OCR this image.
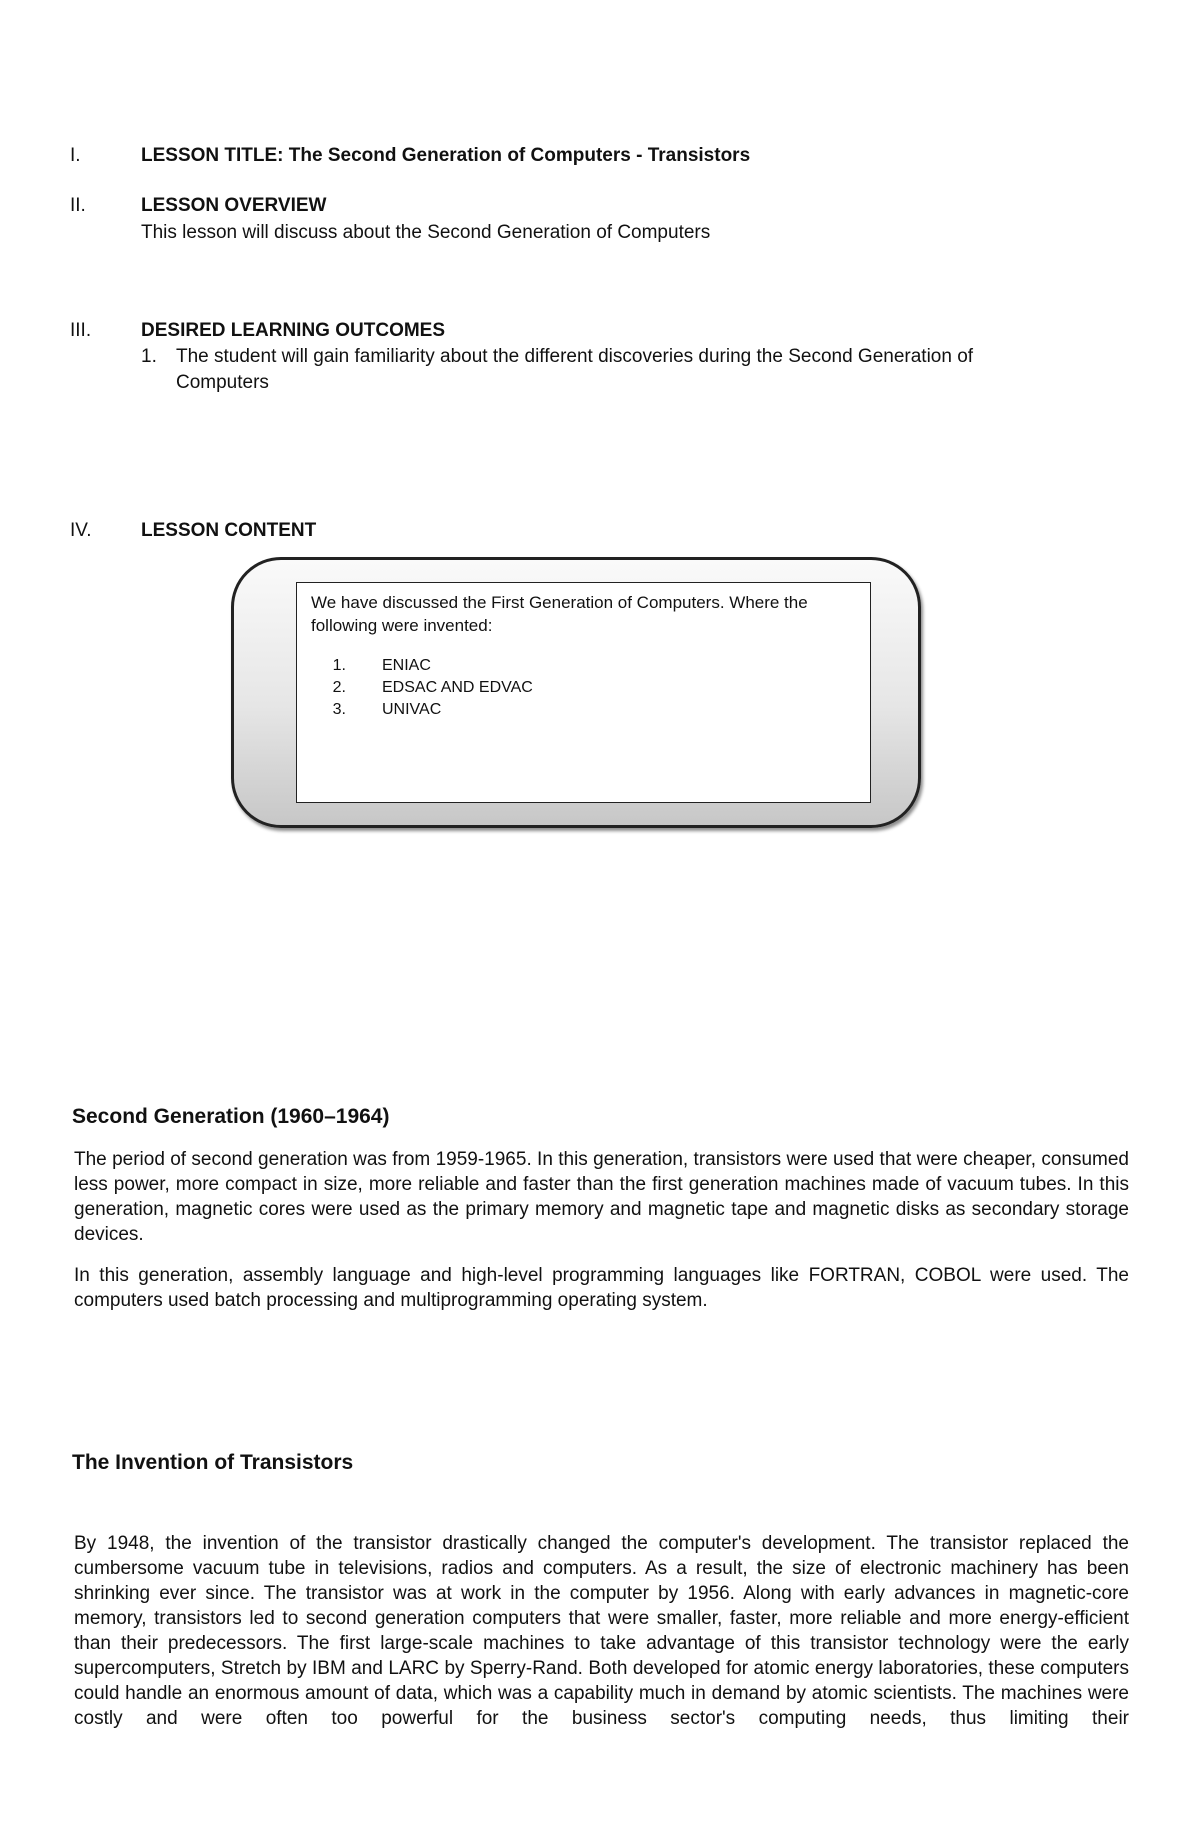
I.	LESSON TITLE: The Second Generation of Computers - Transistors
II.	LESSON OVERVIEW
This lesson will discuss about the Second Generation of Computers
III.	DESIRED LEARNING OUTCOMES
1. The student will gain familiarity about the different discoveries during the Second Generation of
Computers
IV.	LESSON CONTENT
We have discussed the First Generation of Computers. Where the following were invented:
1. ENIAC
2. EDSAC AND EDVAC
3. UNIVAC
Second Generation (1960–1964)
The period of second generation was from 1959-1965. In this generation, transistors were used that were cheaper, consumed less power, more compact in size, more reliable and faster than the first generation machines made of vacuum tubes. In this generation, magnetic cores were used as the primary memory and magnetic tape and magnetic disks as secondary storage devices.
In this generation, assembly language and high-level programming languages like FORTRAN, COBOL were used. The computers used batch processing and multiprogramming operating system.
The Invention of Transistors
By 1948, the invention of the transistor drastically changed the computer's development. The transistor replaced the cumbersome vacuum tube in televisions, radios and computers. As a result, the size of electronic machinery has been shrinking ever since. The transistor was at work in the computer by 1956. Along with early advances in magnetic-core memory, transistors led to second generation computers that were smaller, faster, more reliable and more energy-efficient than their predecessors. The first large-scale machines to take advantage of this transistor technology were the early supercomputers, Stretch by IBM and LARC by Sperry-Rand. Both developed for atomic energy laboratories, these computers could handle an enormous amount of data, which was a capability much in demand by atomic scientists. The machines were costly and were often too powerful for the business sector's computing needs, thus limiting their
